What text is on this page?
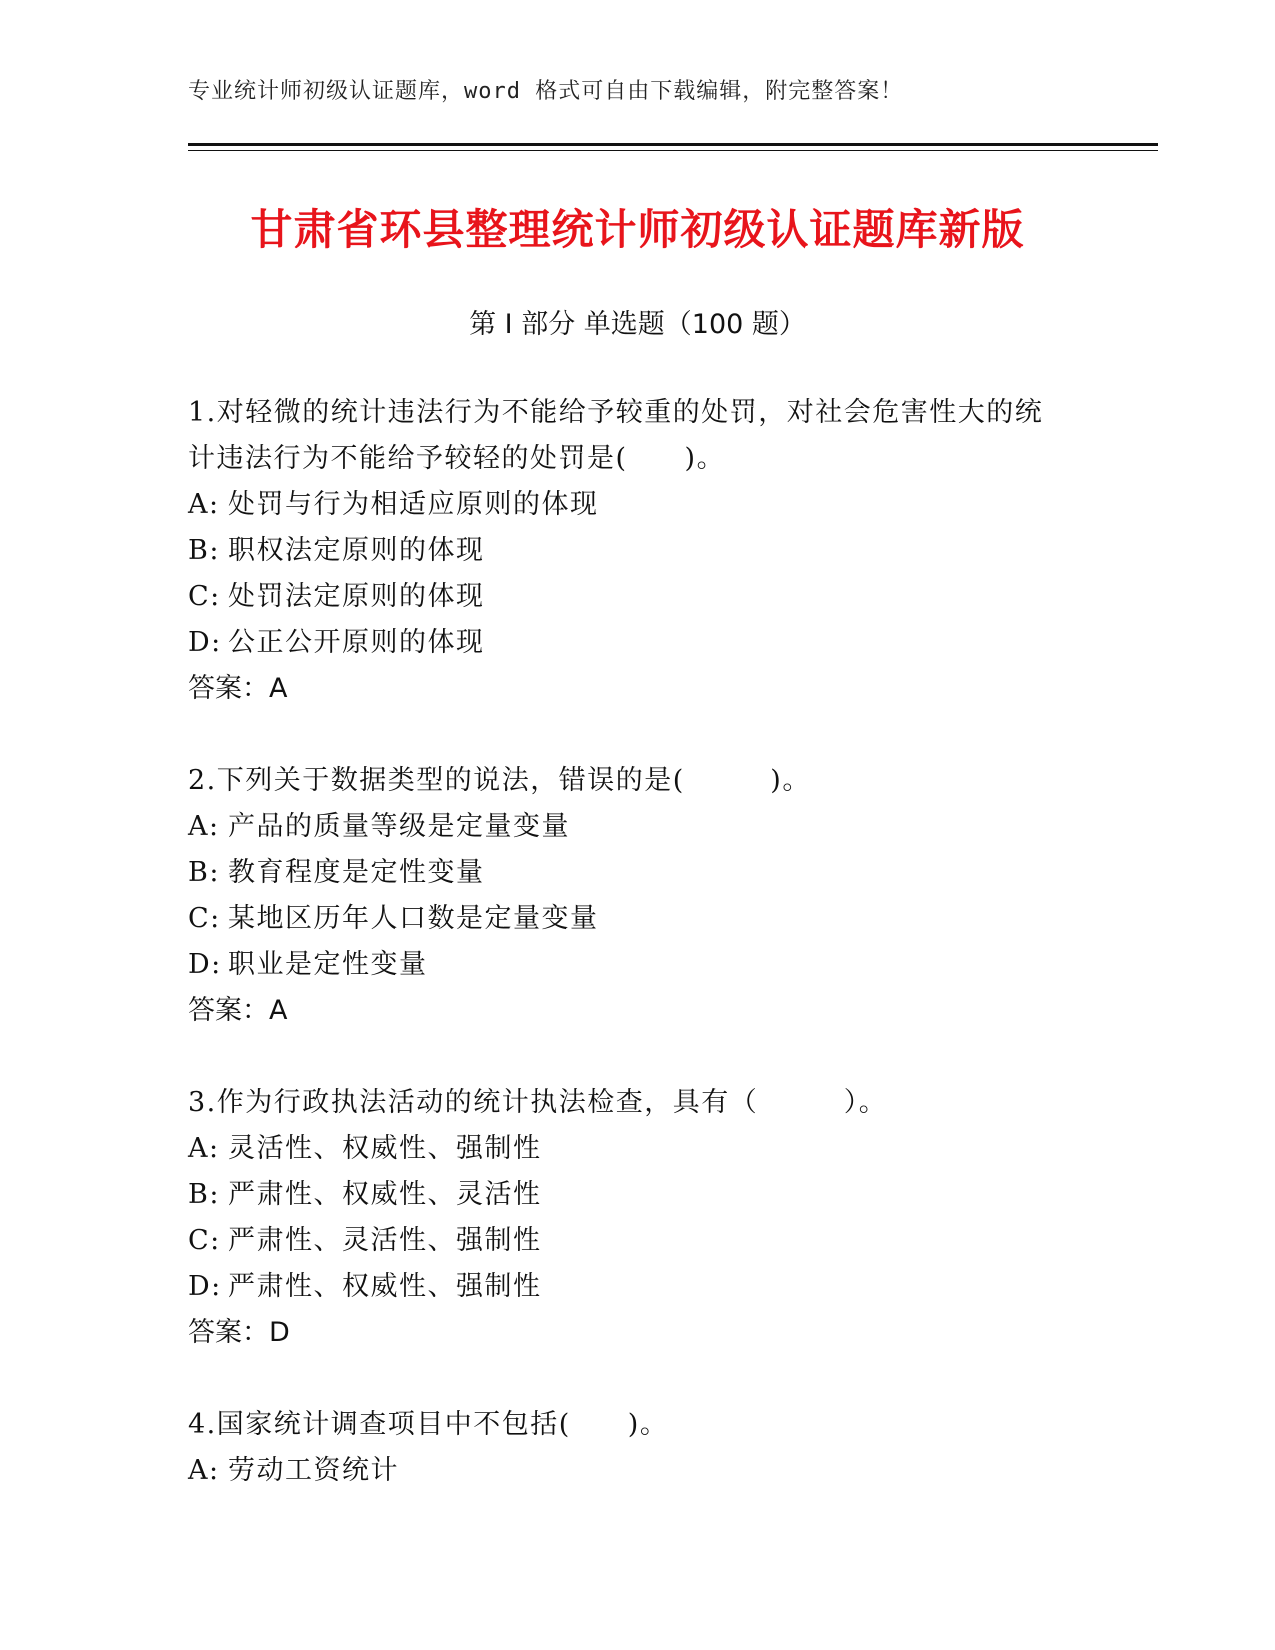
专业统计师初级认证题库，word 格式可自由下载编辑，附完整答案！
甘肃省环县整理统计师初级认证题库新版
第 I 部分 单选题（100 题）

1.对轻微的统计违法行为不能给予较重的处罚，对社会危害性大的统计违法行为不能给予较轻的处罚是(　　)。

A: 处罚与行为相适应原则的体现

B: 职权法定原则的体现

C: 处罚法定原则的体现

D: 公正公开原则的体现

答案：A

2.下列关于数据类型的说法，错误的是(　　　)。

A: 产品的质量等级是定量变量

B: 教育程度是定性变量

C: 某地区历年人口数是定量变量

D: 职业是定性变量

答案：A

3.作为行政执法活动的统计执法检查，具有（　　　）。

A: 灵活性、权威性、强制性

B: 严肃性、权威性、灵活性

C: 严肃性、灵活性、强制性

D: 严肃性、权威性、强制性

答案：D

4.国家统计调查项目中不包括(　　)。

A: 劳动工资统计
